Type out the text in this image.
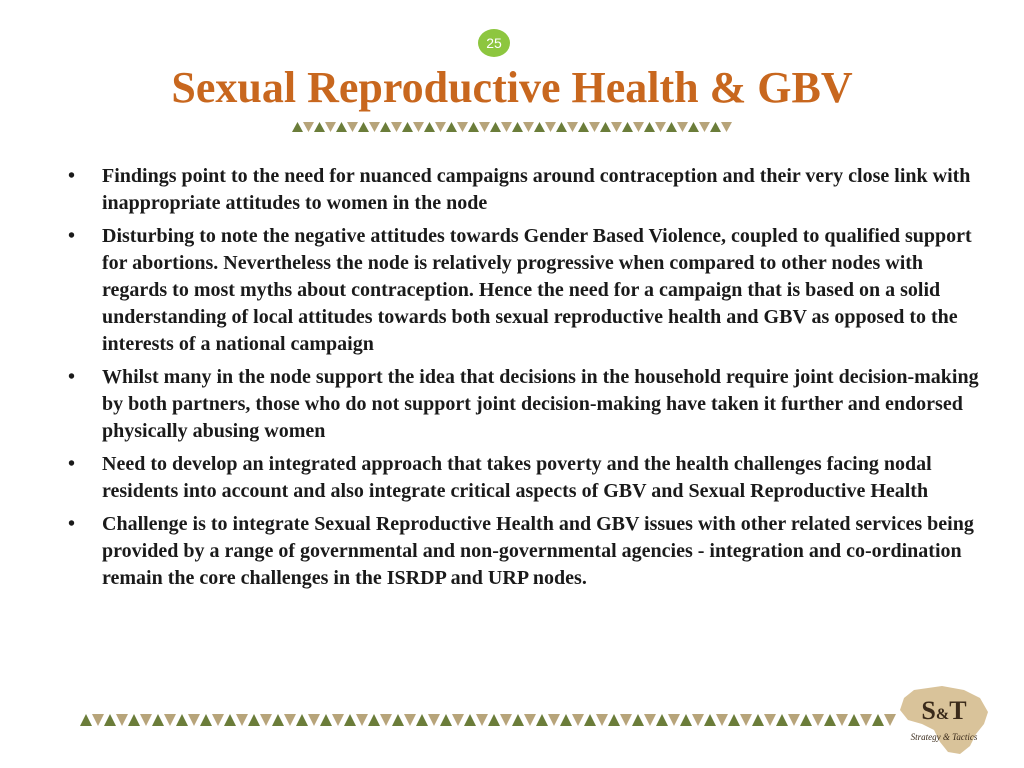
25
Sexual Reproductive Health & GBV
• Findings point to the need for nuanced campaigns around contraception and their very close link with inappropriate attitudes to women in the node
• Disturbing to note the negative attitudes towards Gender Based Violence, coupled to qualified support for abortions. Nevertheless the node is relatively progressive when compared to other nodes with regards to most myths about contraception. Hence the need for a campaign that is based on a solid understanding of local attitudes towards both sexual reproductive health and GBV as opposed to the interests of a national campaign
• Whilst many in the node support the idea that decisions in the household require joint decision-making by both partners, those who do not support joint decision-making have taken it further and endorsed physically abusing women
• Need to develop an integrated approach that takes poverty and the health challenges facing nodal residents into account and also integrate critical aspects of GBV and Sexual Reproductive Health
• Challenge is to integrate Sexual Reproductive Health and GBV issues with other related services being provided by a range of governmental and non-governmental agencies - integration and co-ordination remain the core challenges in the ISRDP and URP nodes.
S&T
Strategy & Tactics
